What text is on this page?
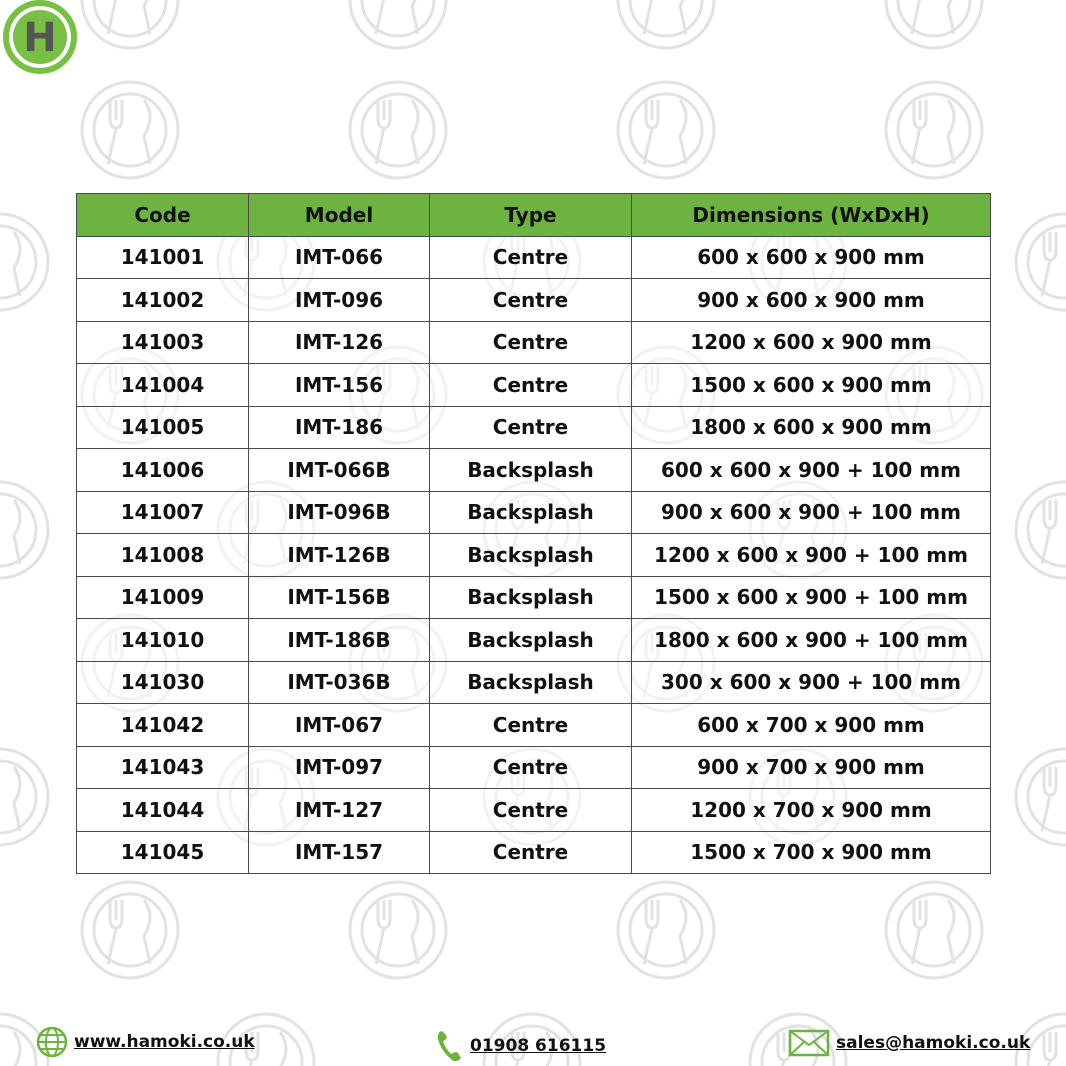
H
Code	Model	Type	Dimensions (WxDxH)
141001	IMT-066	Centre	600 x 600 x 900 mm
141002	IMT-096	Centre	900 x 600 x 900 mm
141003	IMT-126	Centre	1200 x 600 x 900 mm
141004	IMT-156	Centre	1500 x 600 x 900 mm
141005	IMT-186	Centre	1800 x 600 x 900 mm
141006	IMT-066B	Backsplash	600 x 600 x 900 + 100 mm
141007	IMT-096B	Backsplash	900 x 600 x 900 + 100 mm
141008	IMT-126B	Backsplash	1200 x 600 x 900 + 100 mm
141009	IMT-156B	Backsplash	1500 x 600 x 900 + 100 mm
141010	IMT-186B	Backsplash	1800 x 600 x 900 + 100 mm
141030	IMT-036B	Backsplash	300 x 600 x 900 + 100 mm
141042	IMT-067	Centre	600 x 700 x 900 mm
141043	IMT-097	Centre	900 x 700 x 900 mm
141044	IMT-127	Centre	1200 x 700 x 900 mm
141045	IMT-157	Centre	1500 x 700 x 900 mm
www.hamoki.co.uk	01908 616115	sales@hamoki.co.uk
